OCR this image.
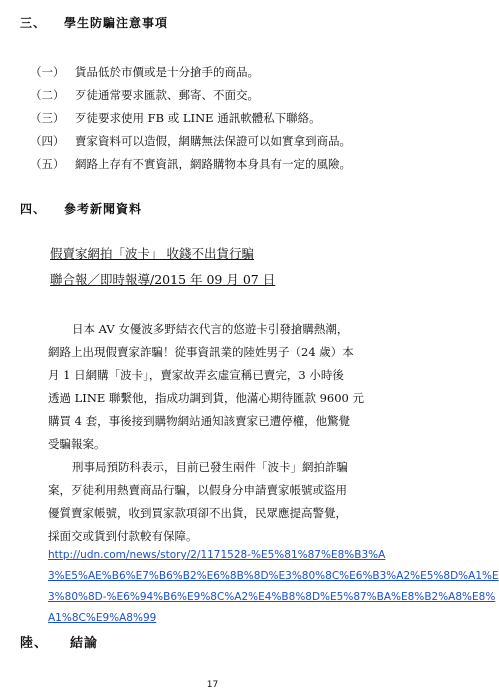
三、 學生防騙注意事項
（一） 貨品低於市價或是十分搶手的商品。
（二） 歹徒通常要求匯款、郵寄、不面交。
（三） 歹徒要求使用 FB 或 LINE 通訊軟體私下聯絡。
（四） 賣家資料可以造假，網購無法保證可以如實拿到商品。
（五） 網路上存有不實資訊，網路購物本身具有一定的風險。
四、 參考新聞資料
假賣家網拍「波卡」 收錢不出貨行騙
聯合報／即時報導/2015 年 09 月 07 日
日本 AV 女優波多野結衣代言的悠遊卡引發搶購熱潮，
網路上出現假賣家詐騙！從事資訊業的陸姓男子（24 歲）本
月 1 日網購「波卡」，賣家故弄玄虛宣稱已賣完，3 小時後
透過 LINE 聯繫他，指成功調到貨，他滿心期待匯款 9600 元
購買 4 套，事後接到購物網站通知該賣家已遭停權，他驚覺
受騙報案。
刑事局預防科表示，目前已發生兩件「波卡」網拍詐騙
案，歹徒利用熱賣商品行騙，以假身分申請賣家帳號或盜用
優質賣家帳號，收到買家款項卻不出貨，民眾應提高警覺，
採面交或貨到付款較有保障。
http://udn.com/news/story/2/1171528-%E5%81%87%E8%B3%A
3%E5%AE%B6%E7%B6%B2%E6%8B%8D%E3%80%8C%E6%B3%A2%E5%8D%A1%E
3%80%8D-%E6%94%B6%E9%8C%A2%E4%B8%8D%E5%87%BA%E8%B2%A8%E8%
A1%8C%E9%A8%99
陸、 結論
17
